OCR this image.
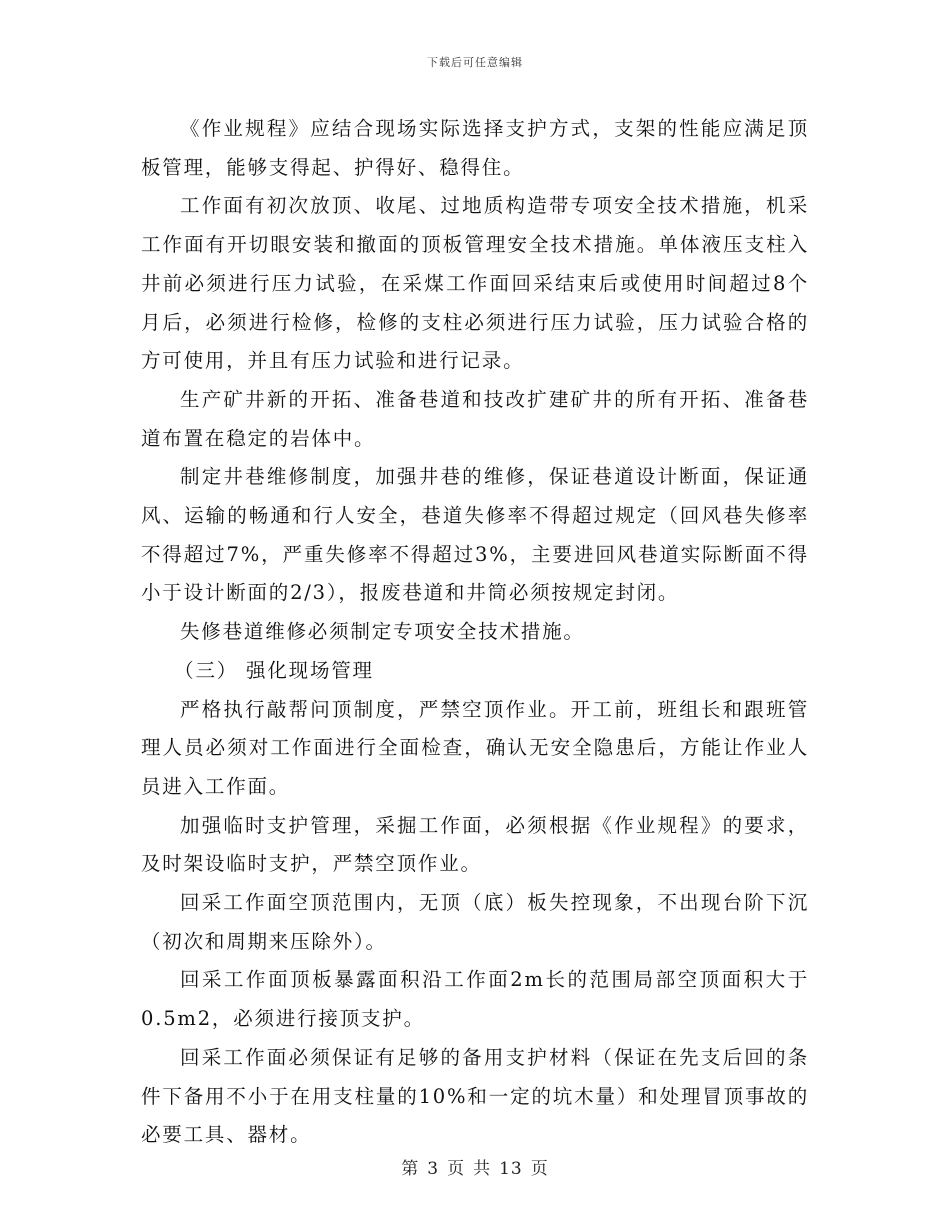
下载后可任意编辑

《作业规程》应结合现场实际选择支护方式，支架的性能应满足顶板管理，能够支得起、护得好、稳得住。

工作面有初次放顶、收尾、过地质构造带专项安全技术措施，机采工作面有开切眼安装和撤面的顶板管理安全技术措施。单体液压支柱入井前必须进行压力试验，在采煤工作面回采结束后或使用时间超过8个月后，必须进行检修，检修的支柱必须进行压力试验，压力试验合格的方可使用，并且有压力试验和进行记录。

生产矿井新的开拓、准备巷道和技改扩建矿井的所有开拓、准备巷道布置在稳定的岩体中。

制定井巷维修制度，加强井巷的维修，保证巷道设计断面，保证通风、运输的畅通和行人安全，巷道失修率不得超过规定（回风巷失修率不得超过7%，严重失修率不得超过3%，主要进回风巷道实际断面不得小于设计断面的2/3），报废巷道和井筒必须按规定封闭。

失修巷道维修必须制定专项安全技术措施。

（三） 强化现场管理

严格执行敲帮问顶制度，严禁空顶作业。开工前，班组长和跟班管理人员必须对工作面进行全面检查，确认无安全隐患后，方能让作业人员进入工作面。

加强临时支护管理，采掘工作面，必须根据《作业规程》的要求，及时架设临时支护，严禁空顶作业。

回采工作面空顶范围内，无顶（底）板失控现象，不出现台阶下沉（初次和周期来压除外）。

回采工作面顶板暴露面积沿工作面2m长的范围局部空顶面积大于0.5m2，必须进行接顶支护。

回采工作面必须保证有足够的备用支护材料（保证在先支后回的条件下备用不小于在用支柱量的10%和一定的坑木量）和处理冒顶事故的必要工具、器材。

第 3 页 共 13 页
